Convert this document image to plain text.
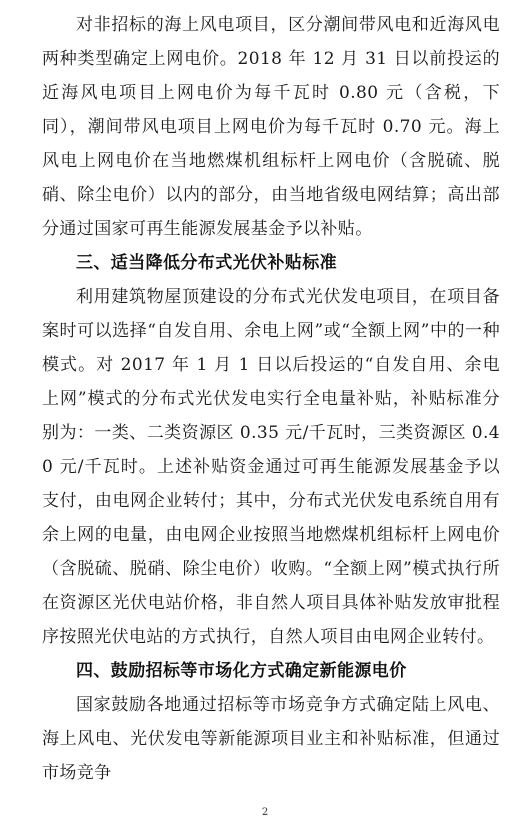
对非招标的海上风电项目，区分潮间带风电和近海风电两种类型确定上网电价。2018 年 12 月 31 日以前投运的近海风电项目上网电价为每千瓦时 0.80 元（含税，下同），潮间带风电项目上网电价为每千瓦时 0.70 元。海上风电上网电价在当地燃煤机组标杆上网电价（含脱硫、脱硝、除尘电价）以内的部分，由当地省级电网结算；高出部分通过国家可再生能源发展基金予以补贴。

三、适当降低分布式光伏补贴标准

利用建筑物屋顶建设的分布式光伏发电项目，在项目备案时可以选择“自发自用、余电上网”或“全额上网”中的一种模式。对 2017 年 1 月 1 日以后投运的“自发自用、余电上网”模式的分布式光伏发电实行全电量补贴，补贴标准分别为：一类、二类资源区 0.35 元/千瓦时，三类资源区 0.40 元/千瓦时。上述补贴资金通过可再生能源发展基金予以支付，由电网企业转付；其中，分布式光伏发电系统自用有余上网的电量，由电网企业按照当地燃煤机组标杆上网电价（含脱硫、脱硝、除尘电价）收购。“全额上网”模式执行所在资源区光伏电站价格，非自然人项目具体补贴发放审批程序按照光伏电站的方式执行，自然人项目由电网企业转付。

四、鼓励招标等市场化方式确定新能源电价

国家鼓励各地通过招标等市场竞争方式确定陆上风电、海上风电、光伏发电等新能源项目业主和补贴标准，但通过市场竞争

2
